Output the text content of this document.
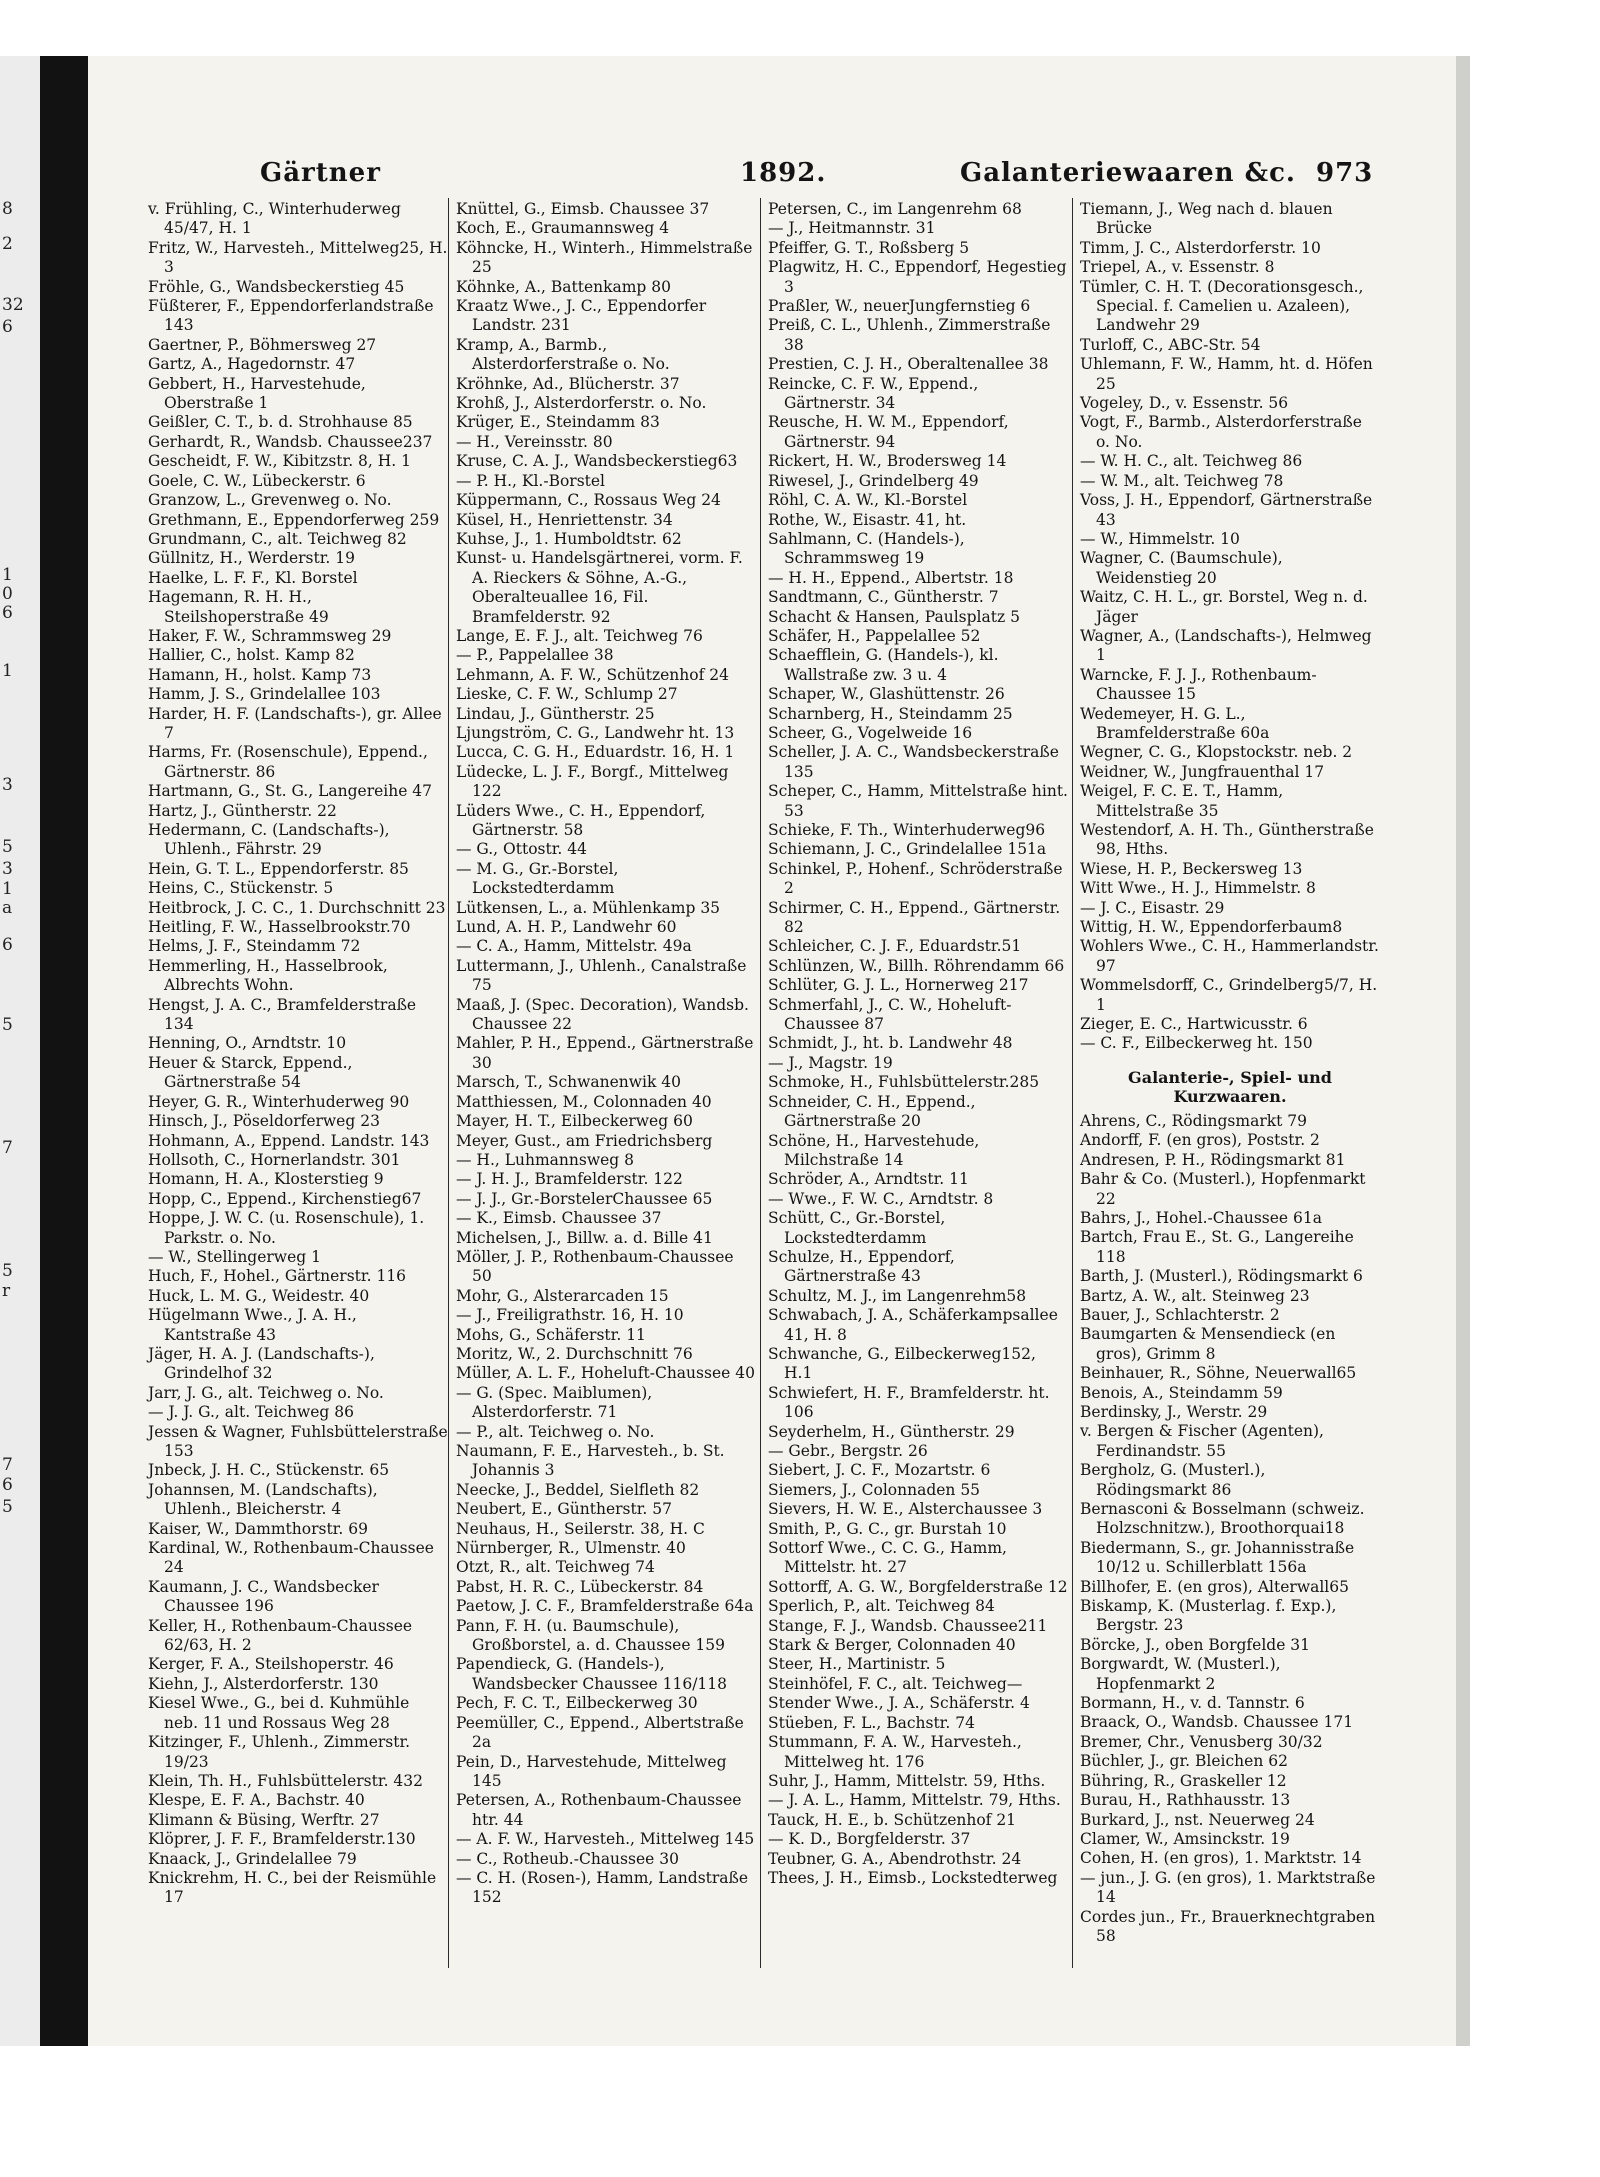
8
2
32
6
1
0
6
1
3
5
3
1
a
6
5
7
5
r
7
6
5
Gärtner	1892.	Galanteriewaaren &c. 973

v. Frühling, C., Winterhuderweg 45/47, H. 1

Fritz, W., Harvesteh., Mittelweg25, H. 3

Fröhle, G., Wandsbeckerstieg 45

Füßterer, F., Eppendorferlandstraße 143

Gaertner, P., Böhmersweg 27

Gartz, A., Hagedornstr. 47

Gebbert, H., Harvestehude, Oberstraße 1

Geißler, C. T., b. d. Strohhause 85

Gerhardt, R., Wandsb. Chaussee237

Gescheidt, F. W., Kibitzstr. 8, H. 1

Goele, C. W., Lübeckerstr. 6

Granzow, L., Grevenweg o. No.

Grethmann, E., Eppendorferweg 259

Grundmann, C., alt. Teichweg 82

Güllnitz, H., Werderstr. 19

Haelke, L. F. F., Kl. Borstel

Hagemann, R. H. H., Steilshoperstraße 49

Haker, F. W., Schrammsweg 29

Hallier, C., holst. Kamp 82

Hamann, H., holst. Kamp 73

Hamm, J. S., Grindelallee 103

Harder, H. F. (Landschafts-), gr. Allee 7

Harms, Fr. (Rosenschule), Eppend., Gärtnerstr. 86

Hartmann, G., St. G., Langereihe 47

Hartz, J., Güntherstr. 22

Hedermann, C. (Landschafts-), Uhlenh., Fährstr. 29

Hein, G. T. L., Eppendorferstr. 85

Heins, C., Stückenstr. 5

Heitbrock, J. C. C., 1. Durchschnitt 23

Heitling, F. W., Hasselbrookstr.70

Helms, J. F., Steindamm 72

Hemmerling, H., Hasselbrook, Albrechts Wohn.

Hengst, J. A. C., Bramfelderstraße 134

Henning, O., Arndtstr. 10

Heuer & Starck, Eppend., Gärtnerstraße 54

Heyer, G. R., Winterhuderweg 90

Hinsch, J., Pöseldorferweg 23

Hohmann, A., Eppend. Landstr. 143

Hollsoth, C., Hornerlandstr. 301

Homann, H. A., Klosterstieg 9

Hopp, C., Eppend., Kirchenstieg67

Hoppe, J. W. C. (u. Rosenschule), 1. Parkstr. o. No.

— W., Stellingerweg 1

Huch, F., Hohel., Gärtnerstr. 116

Huck, L. M. G., Weidestr. 40

Hügelmann Wwe., J. A. H., Kantstraße 43

Jäger, H. A. J. (Landschafts-), Grindelhof 32

Jarr, J. G., alt. Teichweg o. No.

— J. J. G., alt. Teichweg 86

Jessen & Wagner, Fuhlsbüttelerstraße 153

Jnbeck, J. H. C., Stückenstr. 65

Johannsen, M. (Landschafts), Uhlenh., Bleicherstr. 4

Kaiser, W., Dammthorstr. 69

Kardinal, W., Rothenbaum-Chaussee 24

Kaumann, J. C., Wandsbecker Chaussee 196

Keller, H., Rothenbaum-Chaussee 62/63, H. 2

Kerger, F. A., Steilshoperstr. 46

Kiehn, J., Alsterdorferstr. 130

Kiesel Wwe., G., bei d. Kuhmühle neb. 11 und Rossaus Weg 28

Kitzinger, F., Uhlenh., Zimmerstr. 19/23

Klein, Th. H., Fuhlsbüttelerstr. 432

Klespe, E. F. A., Bachstr. 40

Klimann & Büsing, Werftr. 27

Klöprer, J. F. F., Bramfelderstr.130

Knaack, J., Grindelallee 79

Knickrehm, H. C., bei der Reismühle 17

Knüttel, G., Eimsb. Chaussee 37

Koch, E., Graumannsweg 4

Köhncke, H., Winterh., Himmelstraße 25

Köhnke, A., Battenkamp 80

Kraatz Wwe., J. C., Eppendorfer Landstr. 231

Kramp, A., Barmb., Alsterdorferstraße o. No.

Kröhnke, Ad., Blücherstr. 37

Krohß, J., Alsterdorferstr. o. No.

Krüger, E., Steindamm 83

— H., Vereinsstr. 80

Kruse, C. A. J., Wandsbeckerstieg63

— P. H., Kl.-Borstel

Küppermann, C., Rossaus Weg 24

Küsel, H., Henriettenstr. 34

Kuhse, J., 1. Humboldtstr. 62

Kunst- u. Handelsgärtnerei, vorm. F. A. Rieckers & Söhne, A.-G., Oberalteuallee 16, Fil. Bramfelderstr. 92

Lange, E. F. J., alt. Teichweg 76

— P., Pappelallee 38

Lehmann, A. F. W., Schützenhof 24

Lieske, C. F. W., Schlump 27

Lindau, J., Güntherstr. 25

Ljungström, C. G., Landwehr ht. 13

Lucca, C. G. H., Eduardstr. 16, H. 1

Lüdecke, L. J. F., Borgf., Mittelweg 122

Lüders Wwe., C. H., Eppendorf, Gärtnerstr. 58

— G., Ottostr. 44

— M. G., Gr.-Borstel, Lockstedterdamm

Lütkensen, L., a. Mühlenkamp 35

Lund, A. H. P., Landwehr 60

— C. A., Hamm, Mittelstr. 49a

Luttermann, J., Uhlenh., Canalstraße 75

Maaß, J. (Spec. Decoration), Wandsb. Chaussee 22

Mahler, P. H., Eppend., Gärtnerstraße 30

Marsch, T., Schwanenwik 40

Matthiessen, M., Colonnaden 40

Mayer, H. T., Eilbeckerweg 60

Meyer, Gust., am Friedrichsberg

— H., Luhmannsweg 8

— J. H. J., Bramfelderstr. 122

— J. J., Gr.-BorstelerChaussee 65

— K., Eimsb. Chaussee 37

Michelsen, J., Billw. a. d. Bille 41

Möller, J. P., Rothenbaum-Chaussee 50

Mohr, G., Alsterarcaden 15

— J., Freiligrathstr. 16, H. 10

Mohs, G., Schäferstr. 11

Moritz, W., 2. Durchschnitt 76

Müller, A. L. F., Hoheluft-Chaussee 40

— G. (Spec. Maiblumen), Alsterdorferstr. 71

— P., alt. Teichweg o. No.

Naumann, F. E., Harvesteh., b. St. Johannis 3

Neecke, J., Beddel, Sielfleth 82

Neubert, E., Güntherstr. 57

Neuhaus, H., Seilerstr. 38, H. C

Nürnberger, R., Ulmenstr. 40

Otzt, R., alt. Teichweg 74

Pabst, H. R. C., Lübeckerstr. 84

Paetow, J. C. F., Bramfelderstraße 64a

Pann, F. H. (u. Baumschule), Großborstel, a. d. Chaussee 159

Papendieck, G. (Handels-), Wandsbecker Chaussee 116/118

Pech, F. C. T., Eilbeckerweg 30

Peemüller, C., Eppend., Albertstraße 2a

Pein, D., Harvestehude, Mittelweg 145

Petersen, A., Rothenbaum-Chaussee htr. 44

— A. F. W., Harvesteh., Mittelweg 145

— C., Rotheub.-Chaussee 30

— C. H. (Rosen-), Hamm, Landstraße 152

Petersen, C., im Langenrehm 68

— J., Heitmannstr. 31

Pfeiffer, G. T., Roßsberg 5

Plagwitz, H. C., Eppendorf, Hegestieg 3

Praßler, W., neuerJungfernstieg 6

Preiß, C. L., Uhlenh., Zimmerstraße 38

Prestien, C. J. H., Oberaltenallee 38

Reincke, C. F. W., Eppend., Gärtnerstr. 34

Reusche, H. W. M., Eppendorf, Gärtnerstr. 94

Rickert, H. W., Brodersweg 14

Riwesel, J., Grindelberg 49

Röhl, C. A. W., Kl.-Borstel

Rothe, W., Eisastr. 41, ht.

Sahlmann, C. (Handels-), Schrammsweg 19

— H. H., Eppend., Albertstr. 18

Sandtmann, C., Güntherstr. 7

Schacht & Hansen, Paulsplatz 5

Schäfer, H., Pappelallee 52

Schaefflein, G. (Handels-), kl. Wallstraße zw. 3 u. 4

Schaper, W., Glashüttenstr. 26

Scharnberg, H., Steindamm 25

Scheer, G., Vogelweide 16

Scheller, J. A. C., Wandsbeckerstraße 135

Scheper, C., Hamm, Mittelstraße hint. 53

Schieke, F. Th., Winterhuderweg96

Schiemann, J. C., Grindelallee 151a

Schinkel, P., Hohenf., Schröderstraße 2

Schirmer, C. H., Eppend., Gärtnerstr. 82

Schleicher, C. J. F., Eduardstr.51

Schlünzen, W., Billh. Röhrendamm 66

Schlüter, G. J. L., Hornerweg 217

Schmerfahl, J., C. W., Hoheluft-Chaussee 87

Schmidt, J., ht. b. Landwehr 48

— J., Magstr. 19

Schmoke, H., Fuhlsbüttelerstr.285

Schneider, C. H., Eppend., Gärtnerstraße 20

Schöne, H., Harvestehude, Milchstraße 14

Schröder, A., Arndtstr. 11

— Wwe., F. W. C., Arndtstr. 8

Schütt, C., Gr.-Borstel, Lockstedterdamm

Schulze, H., Eppendorf, Gärtnerstraße 43

Schultz, M. J., im Langenrehm58

Schwabach, J. A., Schäferkampsallee 41, H. 8

Schwanche, G., Eilbeckerweg152, H.1

Schwiefert, H. F., Bramfelderstr. ht. 106

Seyderhelm, H., Güntherstr. 29

— Gebr., Bergstr. 26

Siebert, J. C. F., Mozartstr. 6

Siemers, J., Colonnaden 55

Sievers, H. W. E., Alsterchaussee 3

Smith, P., G. C., gr. Burstah 10

Sottorf Wwe., C. C. G., Hamm, Mittelstr. ht. 27

Sottorff, A. G. W., Borgfelderstraße 12

Sperlich, P., alt. Teichweg 84

Stange, F. J., Wandsb. Chaussee211

Stark & Berger, Colonnaden 40

Steer, H., Martinistr. 5

Steinhöfel, F. C., alt. Teichweg—

Stender Wwe., J. A., Schäferstr. 4

Stüeben, F. L., Bachstr. 74

Stummann, F. A. W., Harvesteh., Mittelweg ht. 176

Suhr, J., Hamm, Mittelstr. 59, Hths.

— J. A. L., Hamm, Mittelstr. 79, Hths.

Tauck, H. E., b. Schützenhof 21

— K. D., Borgfelderstr. 37

Teubner, G. A., Abendrothstr. 24

Thees, J. H., Eimsb., Lockstedterweg

Tiemann, J., Weg nach d. blauen Brücke

Timm, J. C., Alsterdorferstr. 10

Triepel, A., v. Essenstr. 8

Tümler, C. H. T. (Decorationsgesch., Special. f. Camelien u. Azaleen), Landwehr 29

Turloff, C., ABC-Str. 54

Uhlemann, F. W., Hamm, ht. d. Höfen 25

Vogeley, D., v. Essenstr. 56

Vogt, F., Barmb., Alsterdorferstraße o. No.

— W. H. C., alt. Teichweg 86

— W. M., alt. Teichweg 78

Voss, J. H., Eppendorf, Gärtnerstraße 43

— W., Himmelstr. 10

Wagner, C. (Baumschule), Weidenstieg 20

Waitz, C. H. L., gr. Borstel, Weg n. d. Jäger

Wagner, A., (Landschafts-), Helmweg 1

Warncke, F. J. J., Rothenbaum-Chaussee 15

Wedemeyer, H. G. L., Bramfelderstraße 60a

Wegner, C. G., Klopstockstr. neb. 2

Weidner, W., Jungfrauenthal 17

Weigel, F. C. E. T., Hamm, Mittelstraße 35

Westendorf, A. H. Th., Güntherstraße 98, Hths.

Wiese, H. P., Beckersweg 13

Witt Wwe., H. J., Himmelstr. 8

— J. C., Eisastr. 29

Wittig, H. W., Eppendorferbaum8

Wohlers Wwe., C. H., Hammerlandstr. 97

Wommelsdorff, C., Grindelberg5/7, H. 1

Zieger, E. C., Hartwicusstr. 6

— C. F., Eilbeckerweg ht. 150

Galanterie-, Spiel- und
Kurzwaaren.

Ahrens, C., Rödingsmarkt 79

Andorff, F. (en gros), Poststr. 2

Andresen, P. H., Rödingsmarkt 81

Bahr & Co. (Musterl.), Hopfenmarkt 22

Bahrs, J., Hohel.-Chaussee 61a

Bartch, Frau E., St. G., Langereihe 118

Barth, J. (Musterl.), Rödingsmarkt 6

Bartz, A. W., alt. Steinweg 23

Bauer, J., Schlachterstr. 2

Baumgarten & Mensendieck (en gros), Grimm 8

Beinhauer, R., Söhne, Neuerwall65

Benois, A., Steindamm 59

Berdinsky, J., Werstr. 29

v. Bergen & Fischer (Agenten), Ferdinandstr. 55

Bergholz, G. (Musterl.), Rödingsmarkt 86

Bernasconi & Bosselmann (schweiz. Holzschnitzw.), Broothorquai18

Biedermann, S., gr. Johannisstraße 10/12 u. Schillerblatt 156a

Billhofer, E. (en gros), Alterwall65

Biskamp, K. (Musterlag. f. Exp.), Bergstr. 23

Börcke, J., oben Borgfelde 31

Borgwardt, W. (Musterl.), Hopfenmarkt 2

Bormann, H., v. d. Tannstr. 6

Braack, O., Wandsb. Chaussee 171

Bremer, Chr., Venusberg 30/32

Büchler, J., gr. Bleichen 62

Bühring, R., Graskeller 12

Burau, H., Rathhausstr. 13

Burkard, J., nst. Neuerweg 24

Clamer, W., Amsinckstr. 19

Cohen, H. (en gros), 1. Marktstr. 14

— jun., J. G. (en gros), 1. Marktstraße 14

Cordes jun., Fr., Brauerknechtgraben 58
